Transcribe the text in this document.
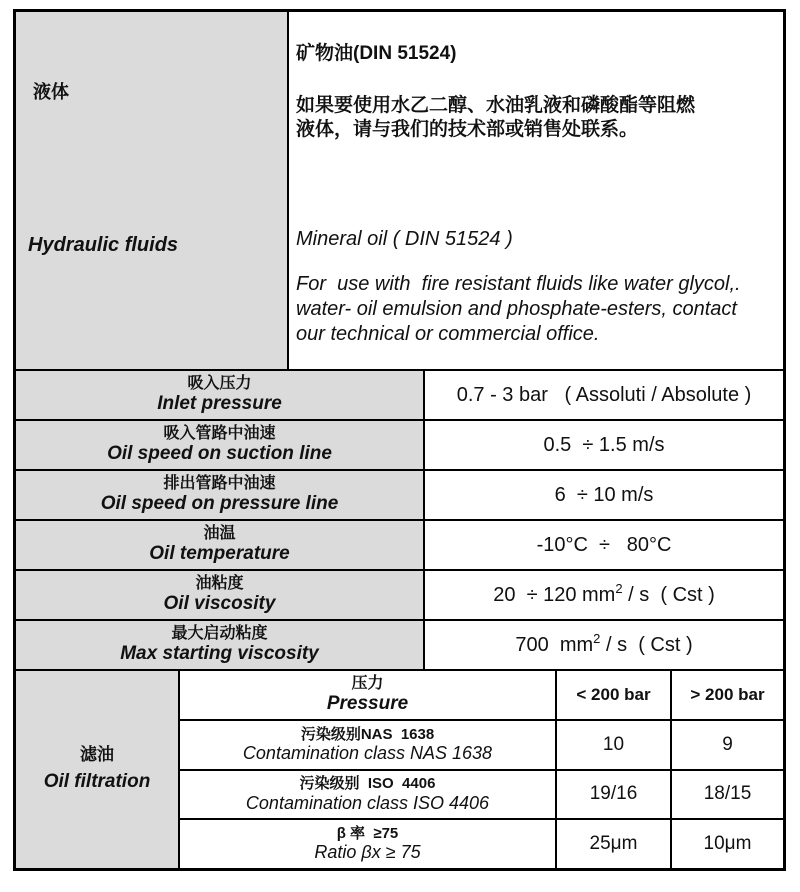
液体
Hydraulic fluids
矿物油(DIN 51524)
如果要使用水乙二醇、水油乳液和磷酸酯等阻燃
液体，请与我们的技术部或销售处联系。
Mineral oil ( DIN 51524 )
For  use with  fire resistant fluids like water glycol,.
water- oil emulsion and phosphate-esters, contact
our technical or commercial office.
吸入压力
Inlet pressure	0.7 - 3 bar   ( Assoluti / Absolute )
吸入管路中油速
Oil speed on suction line	0.5  ÷ 1.5 m/s
排出管路中油速
Oil speed on pressure line	6  ÷ 10 m/s
油温
Oil temperature	-10°C  ÷   80°C
油粘度
Oil viscosity	20  ÷ 120 mm 2 / s  ( Cst )
最大启动粘度
Max starting viscosity	700  mm 2 / s  ( Cst )
滤油
Oil filtration
压力
Pressure	< 200 bar	> 200 bar
污染级别NAS  1638
Contamination class NAS 1638	10	9
污染级别  ISO  4406
Contamination class ISO 4406	19/16	18/15
β 率  ≥75
Ratio βx ≥ 75	25μm	10μm
